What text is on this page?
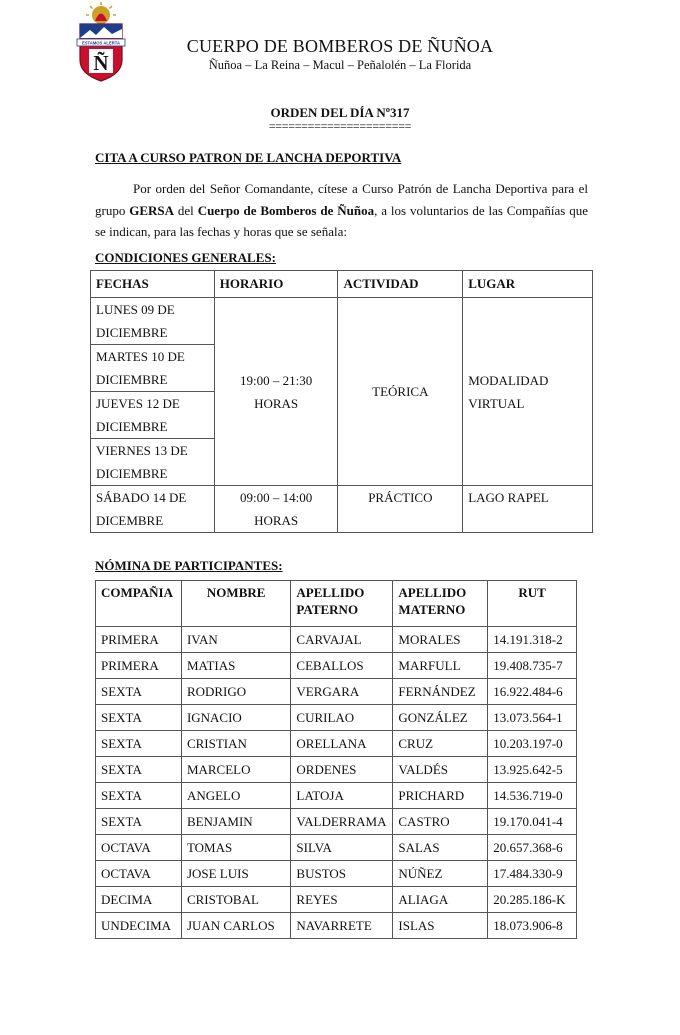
ESTAMOS ALERTA
Ñ
CUERPO DE BOMBEROS DE ÑUÑOA
Ñuñoa – La Reina – Macul – Peñalolén – La Florida
ORDEN DEL DÍA Nº317
======================
CITA A CURSO PATRON DE LANCHA DEPORTIVA
Por orden del Señor Comandante, cítese a Curso Patrón de Lancha Deportiva para el grupo GERSA del Cuerpo de Bomberos de Ñuñoa, a los voluntarios de las Compañías que se indican, para las fechas y horas que se señala:
CONDICIONES GENERALES:
FECHAS	HORARIO	ACTIVIDAD	LUGAR
LUNES 09 DE DICIEMBRE	19:00 – 21:30 HORAS	TEÓRICA	MODALIDAD VIRTUAL
MARTES 10 DE DICIEMBRE			
JUEVES 12 DE DICIEMBRE			
VIERNES 13 DE DICIEMBRE			
SÁBADO 14 DE DICEMBRE	09:00 – 14:00 HORAS	PRÁCTICO	LAGO RAPEL
NÓMINA DE PARTICIPANTES:
COMPAÑIA	NOMBRE	APELLIDO PATERNO	APELLIDO MATERNO	RUT
PRIMERA	IVAN	CARVAJAL	MORALES	14.191.318-2
PRIMERA	MATIAS	CEBALLOS	MARFULL	19.408.735-7
SEXTA	RODRIGO	VERGARA	FERNÁNDEZ	16.922.484-6
SEXTA	IGNACIO	CURILAO	GONZÁLEZ	13.073.564-1
SEXTA	CRISTIAN	ORELLANA	CRUZ	10.203.197-0
SEXTA	MARCELO	ORDENES	VALDÉS	13.925.642-5
SEXTA	ANGELO	LATOJA	PRICHARD	14.536.719-0
SEXTA	BENJAMIN	VALDERRAMA	CASTRO	19.170.041-4
OCTAVA	TOMAS	SILVA	SALAS	20.657.368-6
OCTAVA	JOSE LUIS	BUSTOS	NÚÑEZ	17.484.330-9
DECIMA	CRISTOBAL	REYES	ALIAGA	20.285.186-K
UNDECIMA	JUAN CARLOS	NAVARRETE	ISLAS	18.073.906-8
